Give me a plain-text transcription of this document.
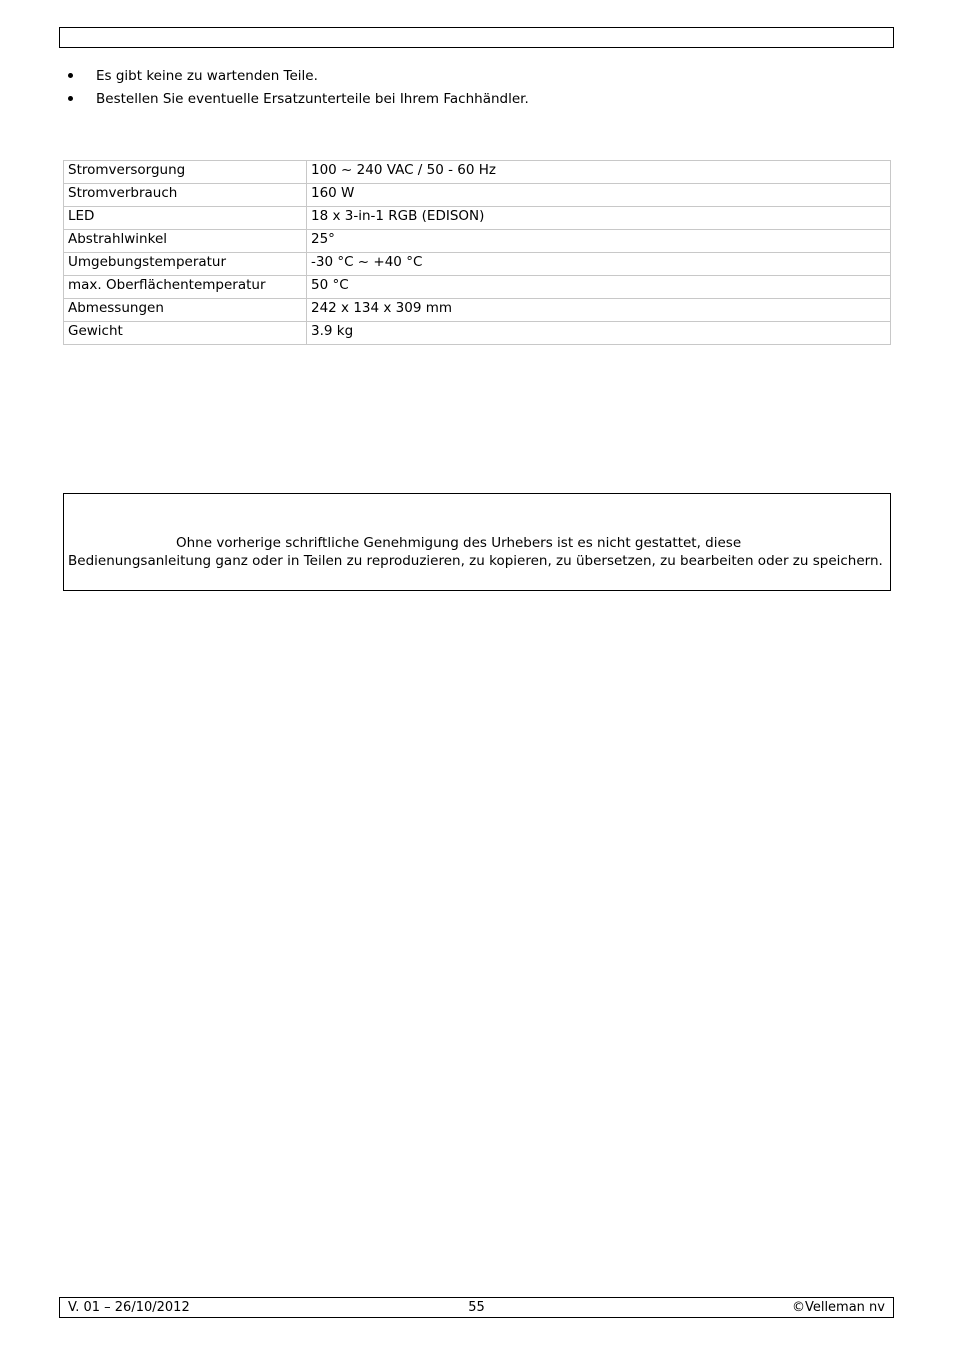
Es gibt keine zu wartenden Teile.
Bestellen Sie eventuelle Ersatzunterteile bei Ihrem Fachhändler.
Stromversorgung	100 ~ 240 VAC / 50 - 60 Hz
Stromverbrauch	160 W
LED	18 x 3-in-1 RGB (EDISON)
Abstrahlwinkel	25°
Umgebungstemperatur	-30 °C ~ +40 °C
max. Oberflächentemperatur	50 °C
Abmessungen	242 x 134 x 309 mm
Gewicht	3.9 kg
Ohne vorherige schriftliche Genehmigung des Urhebers ist es nicht gestattet, diese Bedienungsanleitung ganz oder in Teilen zu reproduzieren, zu kopieren, zu übersetzen, zu bearbeiten oder zu speichern.
55
V. 01 – 26/10/2012	©Velleman nv
